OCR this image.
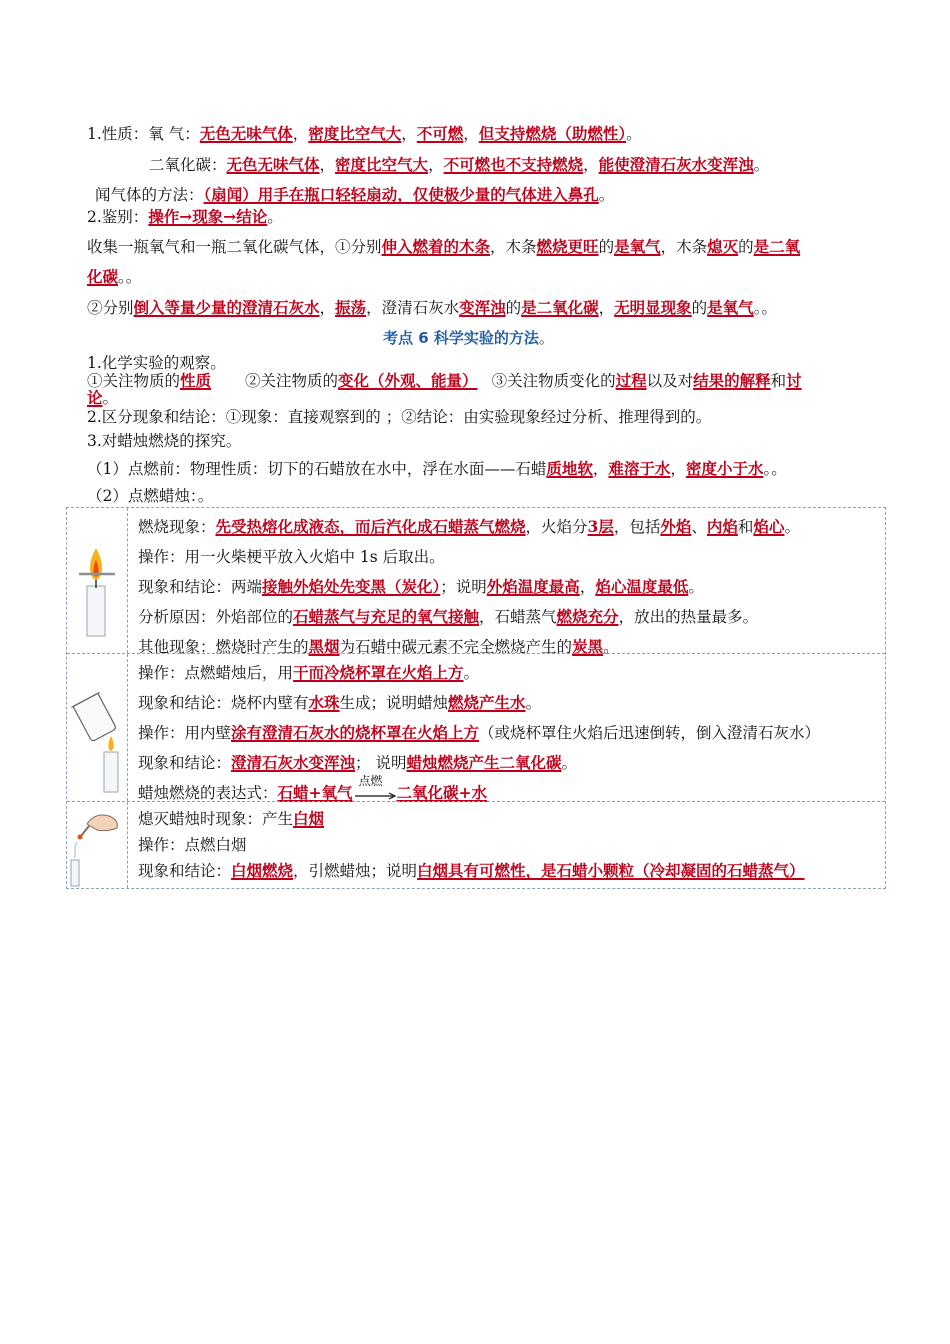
1.性质：氧 气：无色无味气体，密度比空气大，不可燃，但支持燃烧（助燃性）。
二氧化碳：无色无味气体，密度比空气大，不可燃也不支持燃烧，能使澄清石灰水变浑浊。
闻气体的方法：（扇闻）用手在瓶口轻轻扇动，仅使极少量的气体进入鼻孔。
2.鉴别：操作→现象→结论。
收集一瓶氧气和一瓶二氧化碳气体，①分别伸入燃着的木条，木条燃烧更旺的是氧气，木条熄灭的是二氧
化碳。。
②分别倒入等量少量的澄清石灰水，振荡，澄清石灰水变浑浊的是二氧化碳，无明显现象的是氧气。。
考点 6 科学实验的方法。
1.化学实验的观察。
①关注物质的性质 ②关注物质的变化（外观、能量） ③关注物质变化的过程以及对结果的解释和讨
论。
2.区分现象和结论：①现象：直接观察到的 ；②结论：由实验现象经过分析、推理得到的。
3.对蜡烛燃烧的探究。
（1）点燃前：物理性质：切下的石蜡放在水中，浮在水面——石蜡质地软，难溶于水，密度小于水。。
（2）点燃蜡烛：。
燃烧现象：先受热熔化成液态，而后汽化成石蜡蒸气燃烧，火焰分3层，包括外焰、内焰和焰心。
操作：用一火柴梗平放入火焰中 1s 后取出。
现象和结论：两端接触外焰处先变黑（炭化）；说明外焰温度最高，焰心温度最低。
分析原因：外焰部位的石蜡蒸气与充足的氧气接触，石蜡蒸气燃烧充分，放出的热量最多。
其他现象：燃烧时产生的黑烟为石蜡中碳元素不完全燃烧产生的炭黑。
操作：点燃蜡烛后，用干而冷烧杯罩在火焰上方。
现象和结论：烧杯内壁有水珠生成；说明蜡烛燃烧产生水。
操作：用内壁涂有澄清石灰水的烧杯罩在火焰上方（或烧杯罩住火焰后迅速倒转，倒入澄清石灰水）
现象和结论：澄清石灰水变浑浊； 说明蜡烛燃烧产生二氧化碳。
蜡烛燃烧的表达式：石蜡+氧气
点燃
二氧化碳+水
熄灭蜡烛时现象：产生白烟
操作：点燃白烟
现象和结论：白烟燃烧，引燃蜡烛；说明白烟具有可燃性，是石蜡小颗粒（冷却凝固的石蜡蒸气）
